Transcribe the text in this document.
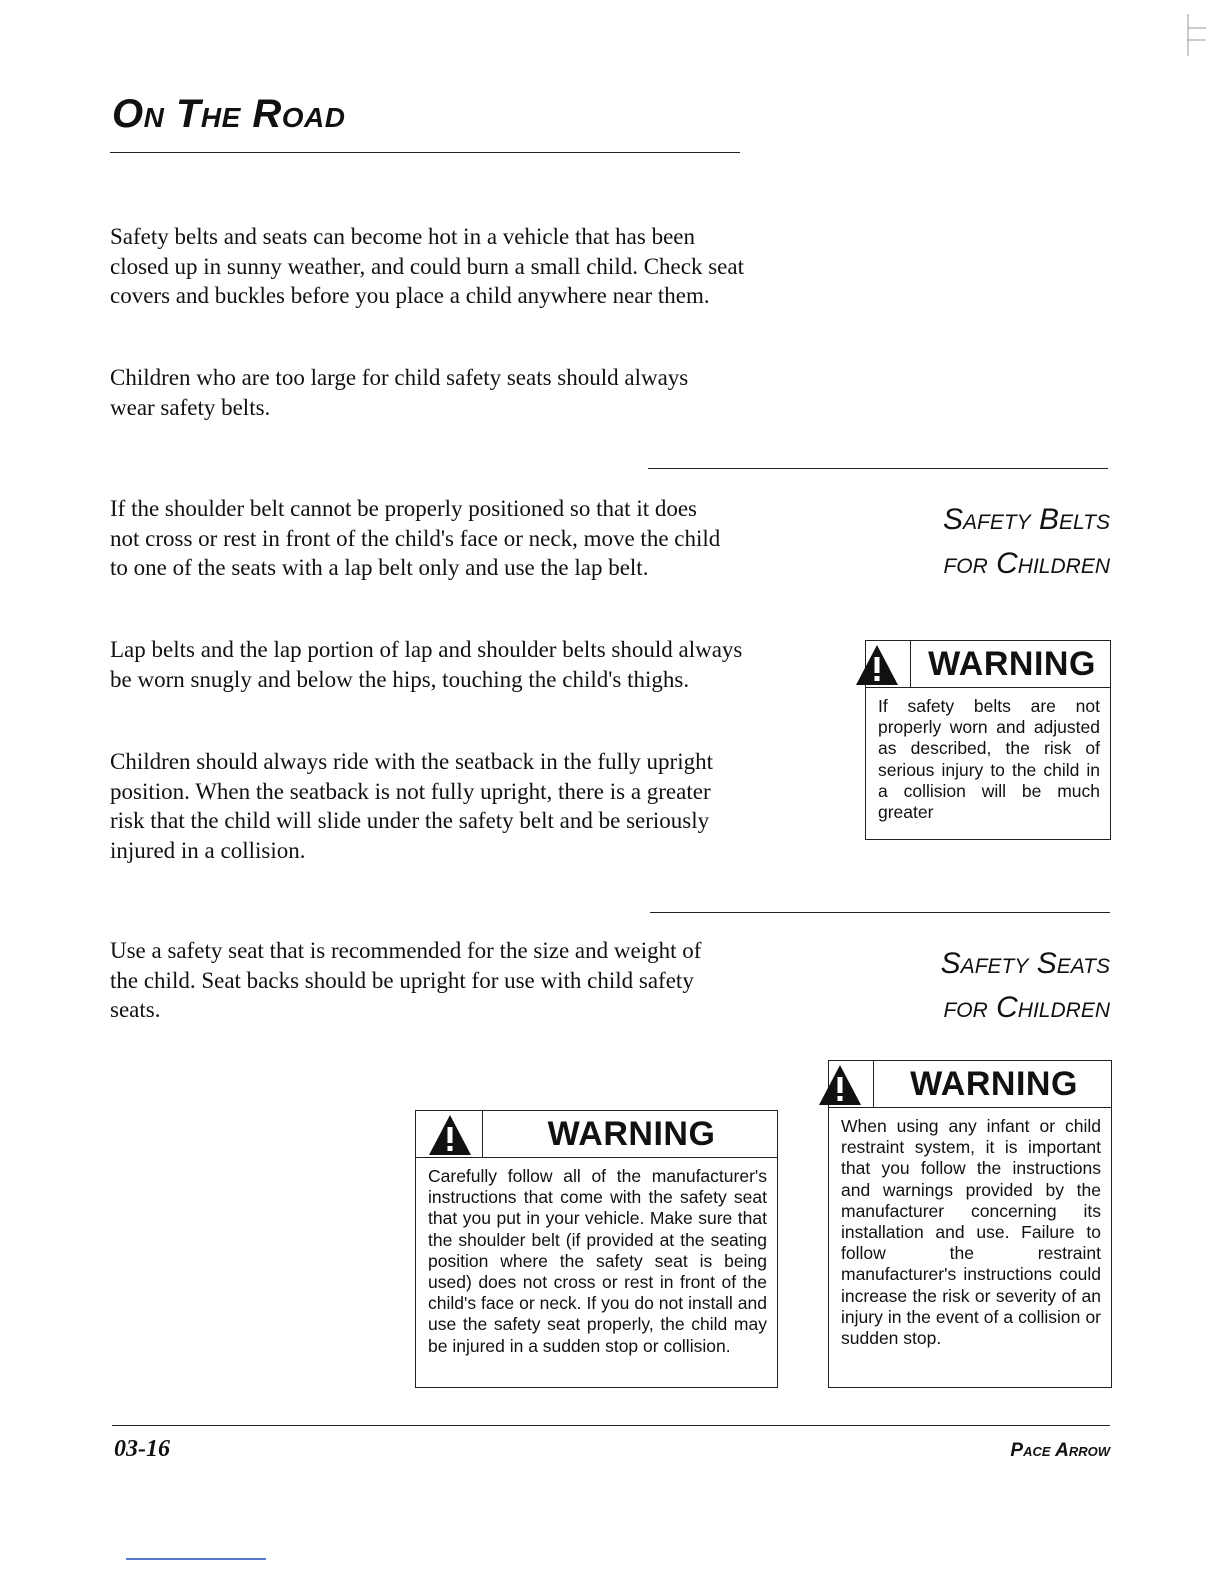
On The Road

Safety belts and seats can become hot in a vehicle that has been closed up in sunny weather, and could burn a small child. Check seat covers and buckles before you place a child anywhere near them.

Children who are too large for child safety seats should always wear safety belts.

Safety Belts
for Children

If the shoulder belt cannot be properly positioned so that it does not cross or rest in front of the child's face or neck, move the child to one of the seats with a lap belt only and use the lap belt.

Lap belts and the lap portion of lap and shoulder belts should always be worn snugly and below the hips, touching the child's thighs.

Children should always ride with the seatback in the fully upright position. When the seatback is not fully upright, there is a greater risk that the child will slide under the safety belt and be seriously injured in a collision.

WARNING

If safety belts are not properly worn and adjusted as described, the risk of serious injury to the child in a collision will be much greater

Safety Seats
for Children

Use a safety seat that is recommended for the size and weight of the child. Seat backs should be upright for use with child safety seats.

WARNING

Carefully follow all of the manufacturer's instructions that come with the safety seat that you put in your vehicle. Make sure that the shoulder belt (if provided at the seating position where the safety seat is being used) does not cross or rest in front of the child's face or neck. If you do not install and use the safety seat properly, the child may be injured in a sudden stop or collision.

WARNING

When using any infant or child restraint system, it is important that you follow the instructions and warnings provided by the manufacturer concerning its installation and use. Failure to follow the restraint manufacturer's instructions could increase the risk or severity of an injury in the event of a collision or sudden stop.

03-16	Pace Arrow
